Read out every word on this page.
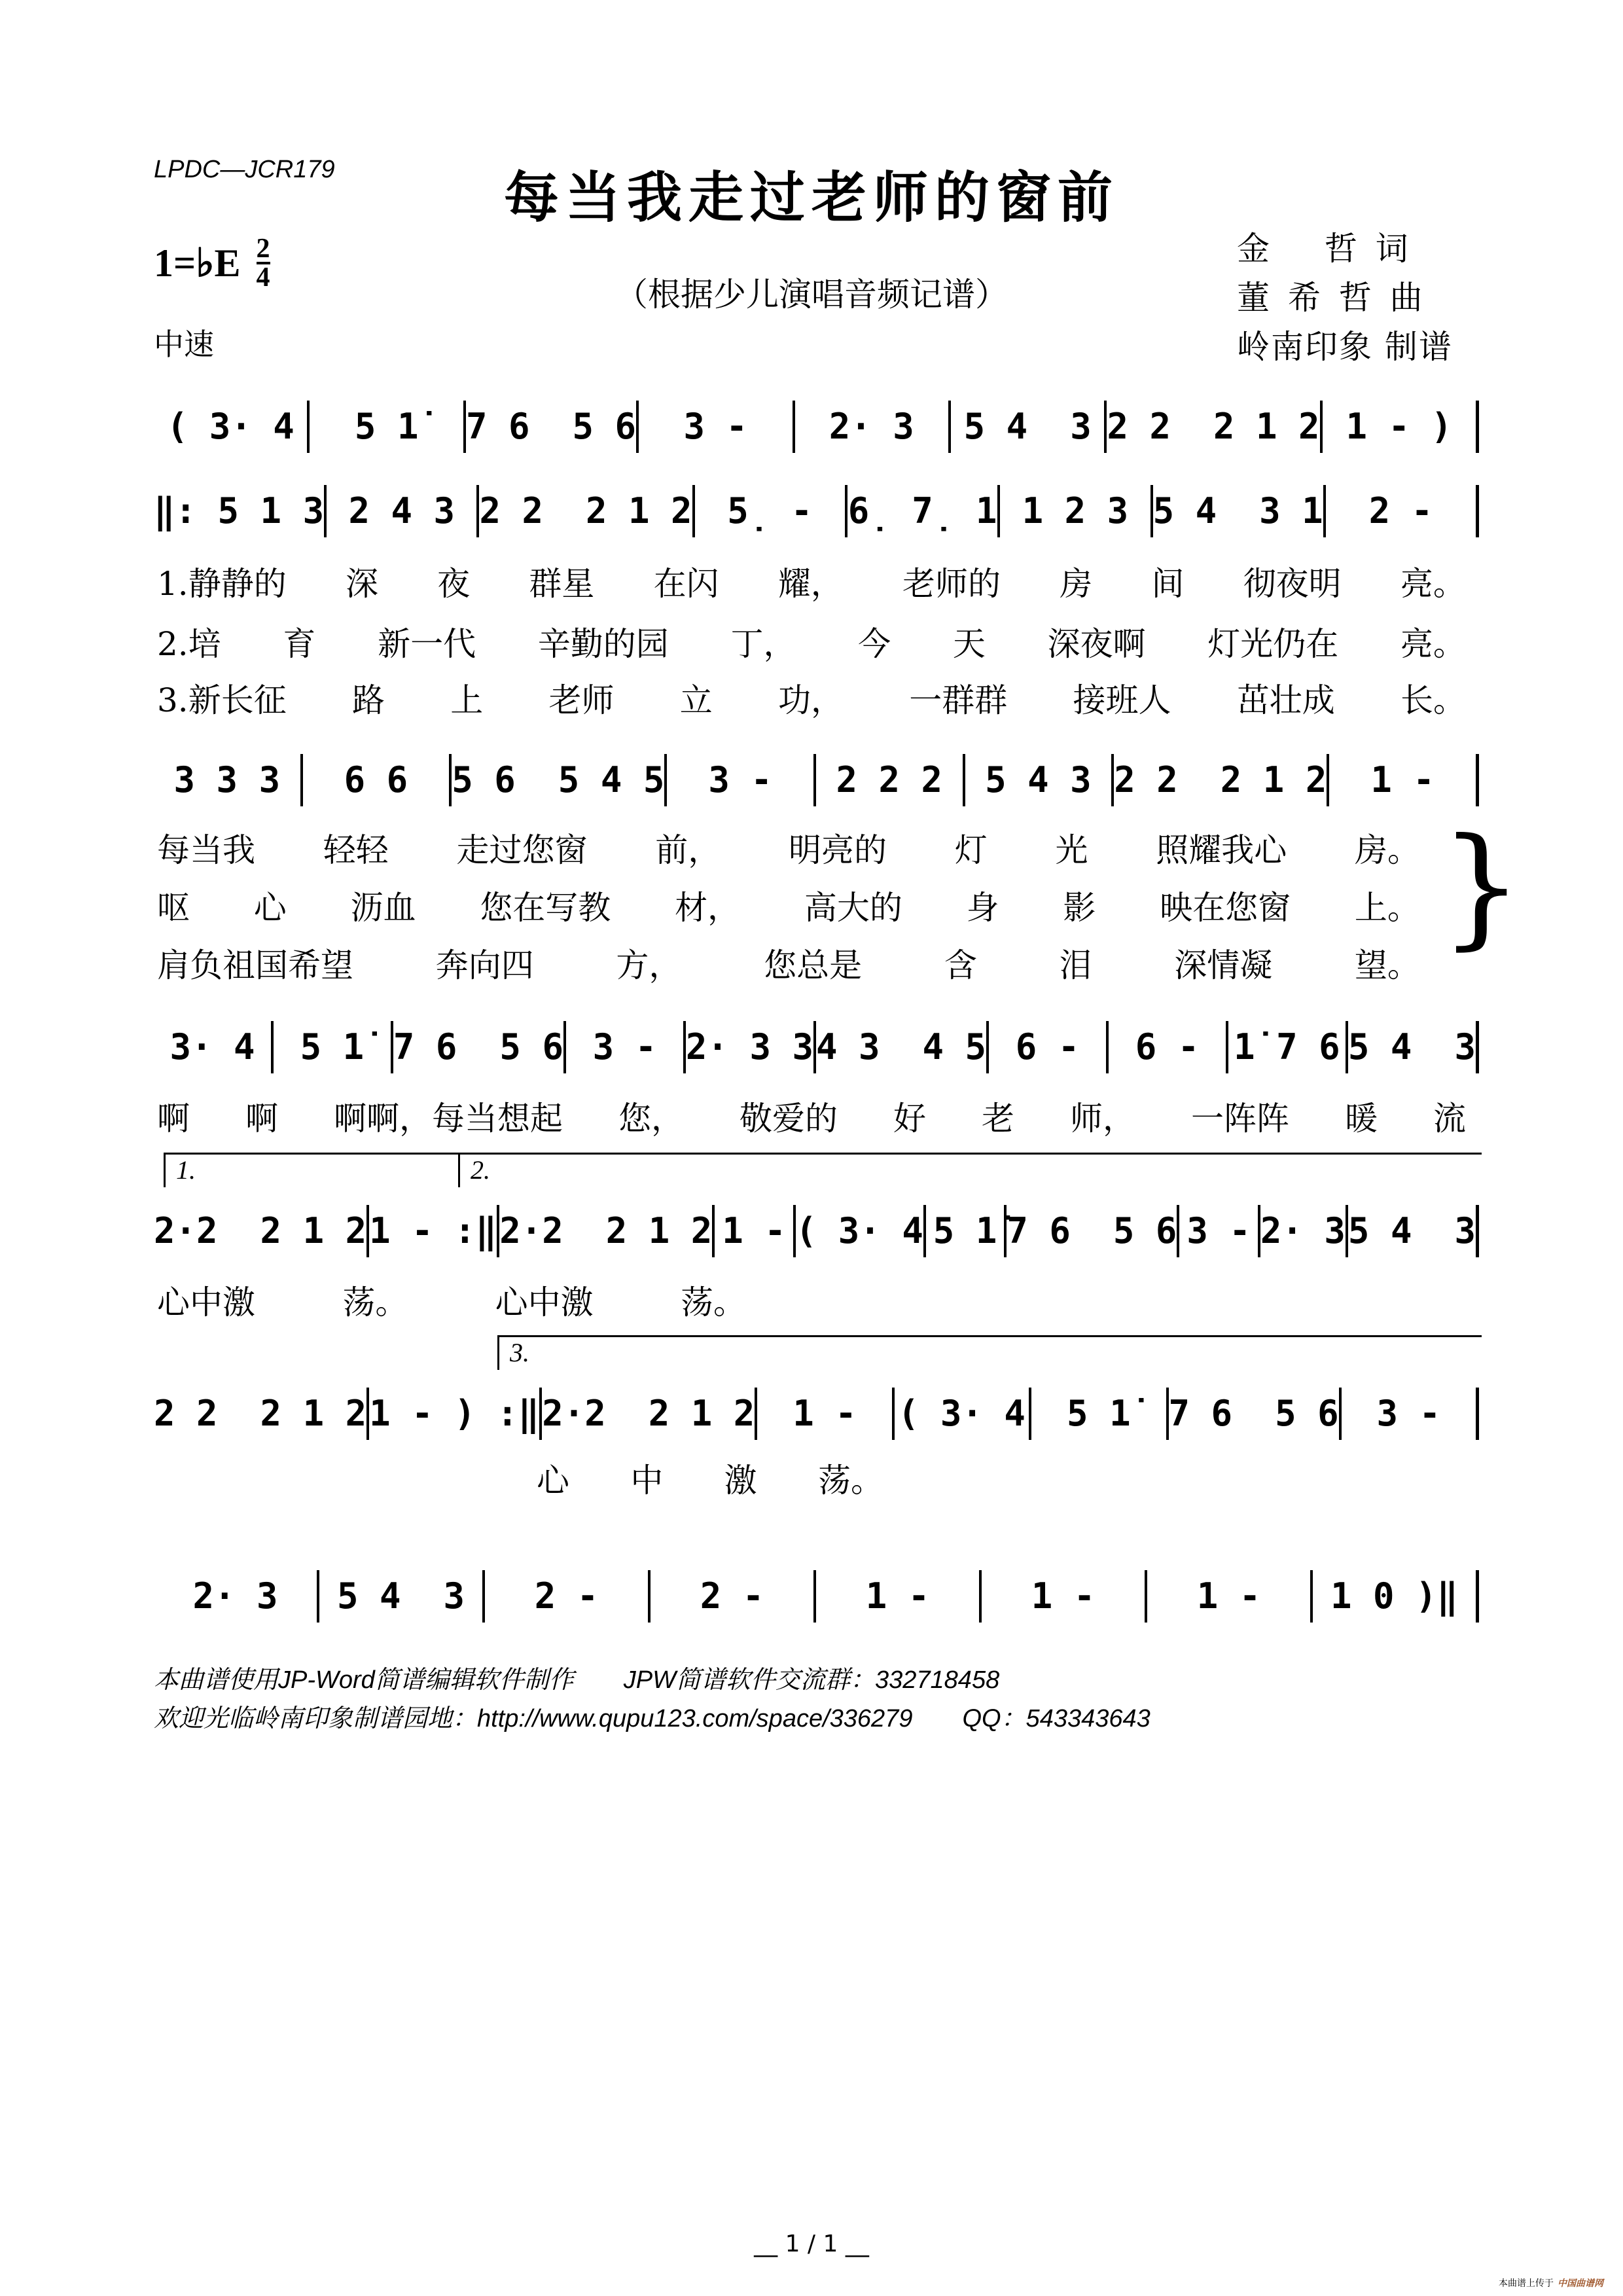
LPDC—JCR179	每当我走过老师的窗前
1=♭E $\frac{2}{4}$
（根据少儿演唱音频记谱）
中速
金　 哲 词
董 希 哲 曲
岭南印象 制谱
( 3· 4	5 1̇	7 6  5 6	3 -	2· 3	5 4  3 2 2  2 1 2 1 - )
‖: 5 1 3 2 4 3 2 2  2 1 2 5̣ -	6̣ 7̣ 1 1 2 3 5 4  3 1	2 -
1.静静的 深 夜 群星 在闪 耀， 老师的 房 间 彻夜明 亮。
2.培 育 新一代 辛勤的园 丁， 今 天 深夜啊 灯光仍在 亮。
3.新长征 路 上 老师 立 功， 一群群 接班人 茁壮成 长。
3 3 3	6 6	5 6  5 4 5	3 -	2 2 2	5 4 3 2 2  2 1 2	1 -
每当我 轻轻 走过您窗 前， 明亮的 灯 光 照耀我心 房。
呕 心 沥血 您在写教 材， 高大的 身 影 映在您窗 上。
肩负祖国希望	奔向四	方，	您总是	含	泪	深情凝	望。
3· 4	5 1̇ 7 6  5 6 3 - 2· 3 3 4 3  4 5 6 -	6 - 1̇ 7 6 5 4  3
啊 啊 啊啊，每当想起 您， 敬爱的 好 老 师， 一阵阵 暖 流
2·2  2 1 2 1 - :‖ 2·2  2 1 2 1 - ( 3· 4 5 1̇ 7 6  5 6 3 - 2· 3 5 4  3
心中激	荡。	心中激	荡。
1.	2.
2 2  2 1 2 1 - ) :‖ 2·2  2 1 2	1 -	( 3· 4	5 1̇	7 6  5 6	3 -
心 中 激 荡。
3.
2· 3	5 4  3	2 -	2 -	1 -	1 -	1 -	1 0 )‖
}
本曲谱使用JP-Word简谱编辑软件制作　　JPW简谱软件交流群：332718458
欢迎光临岭南印象制谱园地：http://www.qupu123.com/space/336279　　QQ：543343643
__ 1 / 1 __
本曲谱上传于 中国曲谱网
